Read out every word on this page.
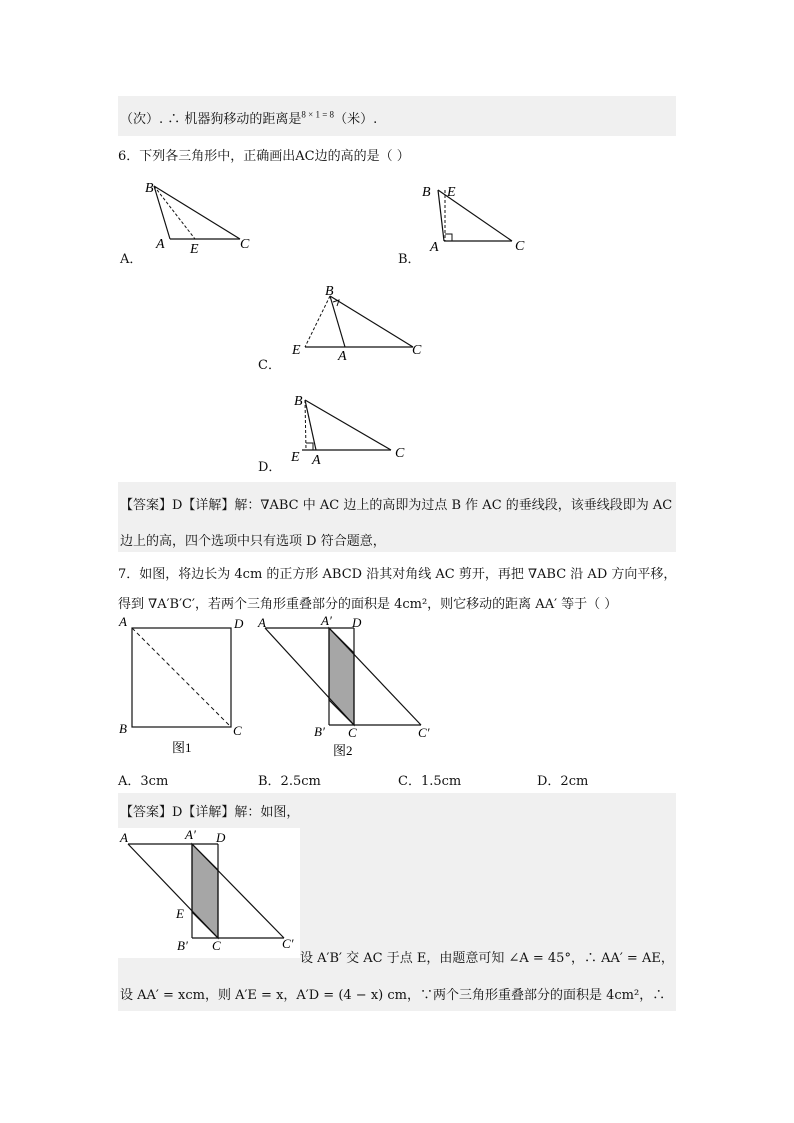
（次）. ∴ 机器狗移动的距离是$^{8 \times 1 = 8}$（米）.
6．下列各三角形中，正确画出AC边的高的是（ ）
B
A E	C
A．
B E
A	C
B．
B
E	A	C
C．
B
E A	C
D．
【答案】D【详解】解：∇ABC 中 AC 边上的高即为过点 B 作 AC 的垂线段，该垂线段即为 AC
边上的高，四个选项中只有选项 D 符合题意，
7．如图，将边长为 4cm 的正方形 ABCD 沿其对角线 AC 剪开，再把 ∇ABC 沿 AD 方向平移，
得到 ∇A′B′C′，若两个三角形重叠部分的面积是 4cm²，则它移动的距离 AA′ 等于（ ）
A	D
B	C
图1
A	A′ D
B′ C	C′
图2
A．3cm	B．2.5cm	C．1.5cm	D．2cm
【答案】D【详解】解：如图，
A	A′ D
E
B′ C	C′
设 A′B′ 交 AC 于点 E，由题意可知 ∠A = 45°，∴ AA′ = AE，
设 AA′ = xcm，则 A′E = x，A′D = (4 − x) cm，∵两个三角形重叠部分的面积是 4cm²，∴
